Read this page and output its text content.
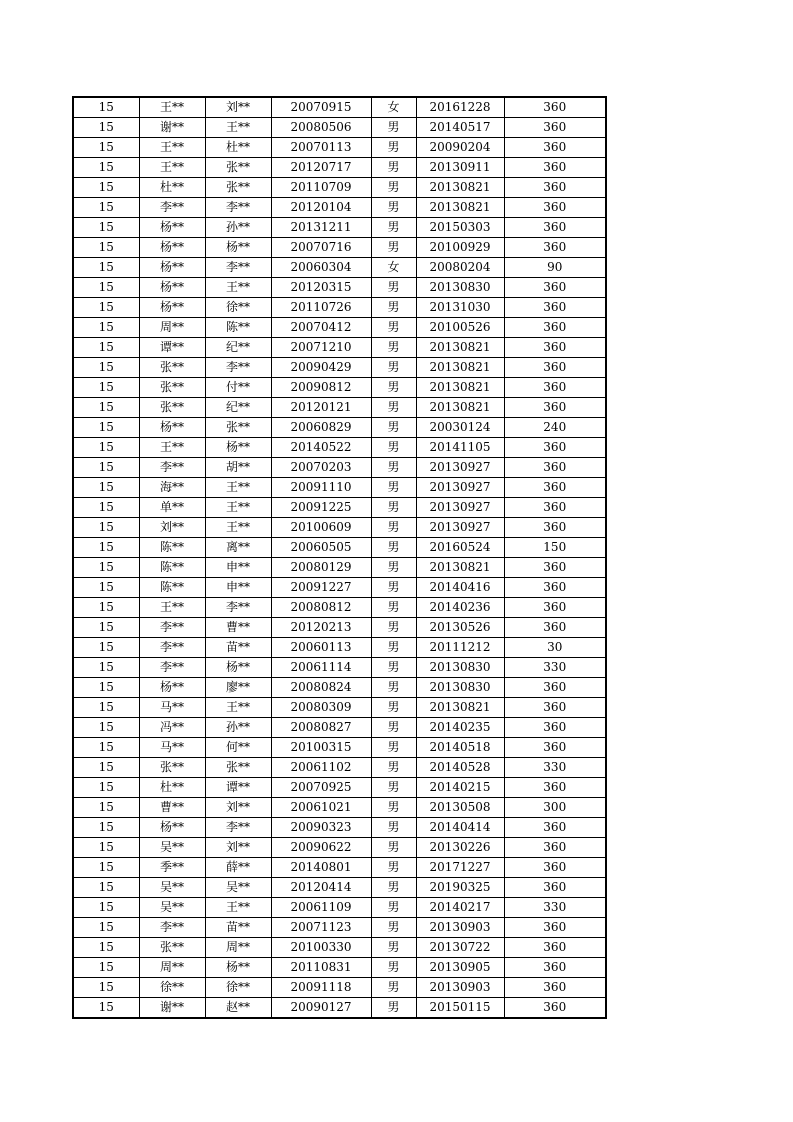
15	王**	刘**	20070915	女	20161228	360
15	谢**	王**	20080506	男	20140517	360
15	王**	杜**	20070113	男	20090204	360
15	王**	张**	20120717	男	20130911	360
15	杜**	张**	20110709	男	20130821	360
15	李**	李**	20120104	男	20130821	360
15	杨**	孙**	20131211	男	20150303	360
15	杨**	杨**	20070716	男	20100929	360
15	杨**	李**	20060304	女	20080204	90
15	杨**	王**	20120315	男	20130830	360
15	杨**	徐**	20110726	男	20131030	360
15	周**	陈**	20070412	男	20100526	360
15	谭**	纪**	20071210	男	20130821	360
15	张**	李**	20090429	男	20130821	360
15	张**	付**	20090812	男	20130821	360
15	张**	纪**	20120121	男	20130821	360
15	杨**	张**	20060829	男	20030124	240
15	王**	杨**	20140522	男	20141105	360
15	李**	胡**	20070203	男	20130927	360
15	海**	王**	20091110	男	20130927	360
15	单**	王**	20091225	男	20130927	360
15	刘**	王**	20100609	男	20130927	360
15	陈**	离**	20060505	男	20160524	150
15	陈**	申**	20080129	男	20130821	360
15	陈**	申**	20091227	男	20140416	360
15	王**	李**	20080812	男	20140236	360
15	李**	曹**	20120213	男	20130526	360
15	李**	苗**	20060113	男	20111212	30
15	李**	杨**	20061114	男	20130830	330
15	杨**	廖**	20080824	男	20130830	360
15	马**	王**	20080309	男	20130821	360
15	冯**	孙**	20080827	男	20140235	360
15	马**	何**	20100315	男	20140518	360
15	张**	张**	20061102	男	20140528	330
15	杜**	谭**	20070925	男	20140215	360
15	曹**	刘**	20061021	男	20130508	300
15	杨**	李**	20090323	男	20140414	360
15	吴**	刘**	20090622	男	20130226	360
15	季**	薛**	20140801	男	20171227	360
15	吴**	吴**	20120414	男	20190325	360
15	吴**	王**	20061109	男	20140217	330
15	李**	苗**	20071123	男	20130903	360
15	张**	周**	20100330	男	20130722	360
15	周**	杨**	20110831	男	20130905	360
15	徐**	徐**	20091118	男	20130903	360
15	谢**	赵**	20090127	男	20150115	360
